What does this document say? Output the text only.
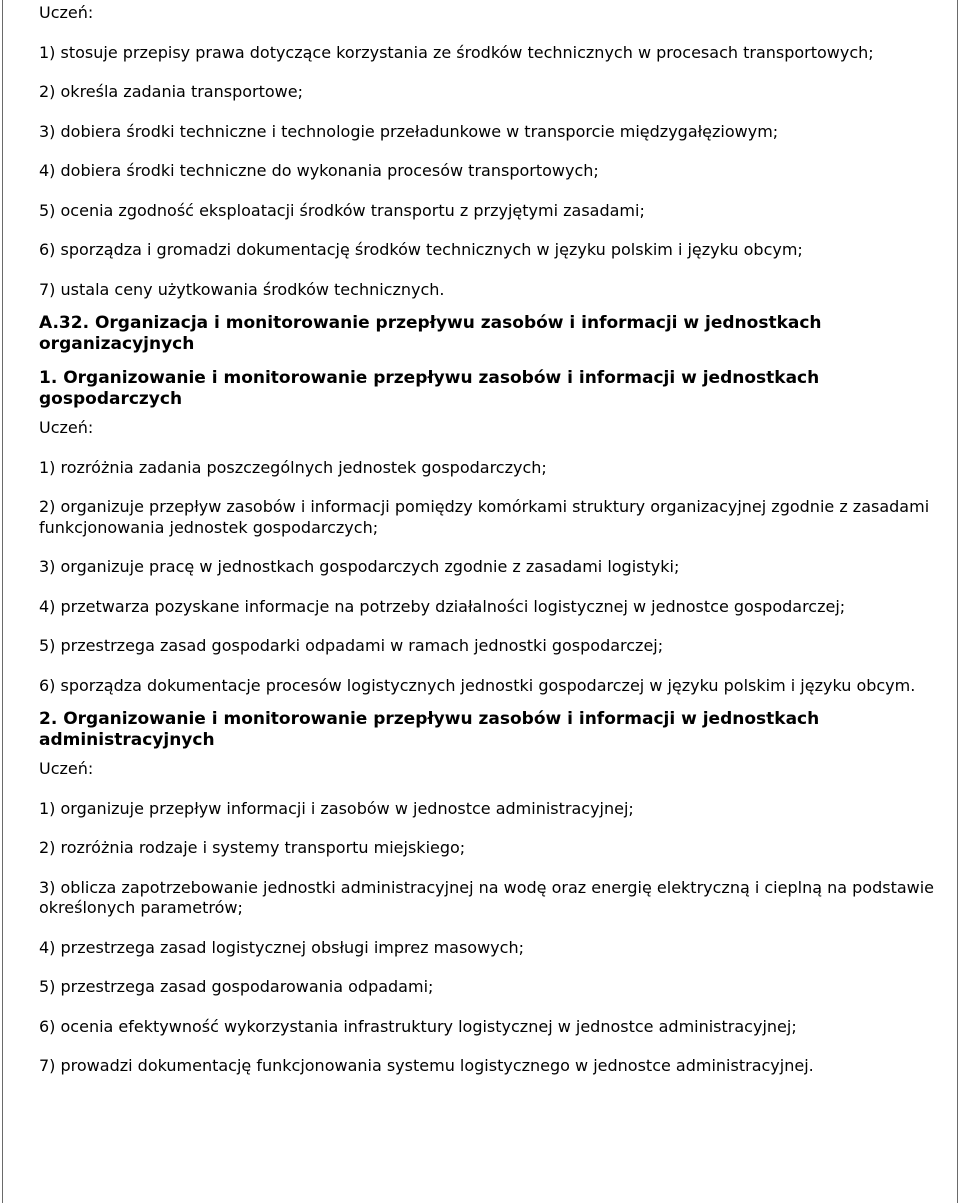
Uczeń:
1) stosuje przepisy prawa dotyczące korzystania ze środków technicznych w procesach transportowych;
2) określa zadania transportowe;
3) dobiera środki techniczne i technologie przeładunkowe w transporcie międzygałęziowym;
4) dobiera środki techniczne do wykonania procesów transportowych;
5) ocenia zgodność eksploatacji środków transportu z przyjętymi zasadami;
6) sporządza i gromadzi dokumentację środków technicznych w języku polskim i języku obcym;
7) ustala ceny użytkowania środków technicznych.
A.32. Organizacja i monitorowanie przepływu zasobów i informacji w jednostkach organizacyjnych
1. Organizowanie i monitorowanie przepływu zasobów i informacji w jednostkach gospodarczych
Uczeń:
1) rozróżnia zadania poszczególnych jednostek gospodarczych;
2) organizuje przepływ zasobów i informacji pomiędzy komórkami struktury organizacyjnej zgodnie z zasadami funkcjonowania jednostek gospodarczych;
3) organizuje pracę w jednostkach gospodarczych zgodnie z zasadami logistyki;
4) przetwarza pozyskane informacje na potrzeby działalności logistycznej w jednostce gospodarczej;
5) przestrzega zasad gospodarki odpadami w ramach jednostki gospodarczej;
6) sporządza dokumentacje procesów logistycznych jednostki gospodarczej w języku polskim i języku obcym.
2. Organizowanie i monitorowanie przepływu zasobów i informacji w jednostkach administracyjnych
Uczeń:
1) organizuje przepływ informacji i zasobów w jednostce administracyjnej;
2) rozróżnia rodzaje i systemy transportu miejskiego;
3) oblicza zapotrzebowanie jednostki administracyjnej na wodę oraz energię elektryczną i cieplną na podstawie określonych parametrów;
4) przestrzega zasad logistycznej obsługi imprez masowych;
5) przestrzega zasad gospodarowania odpadami;
6) ocenia efektywność wykorzystania infrastruktury logistycznej w jednostce administracyjnej;
7) prowadzi dokumentację funkcjonowania systemu logistycznego w jednostce administracyjnej.
